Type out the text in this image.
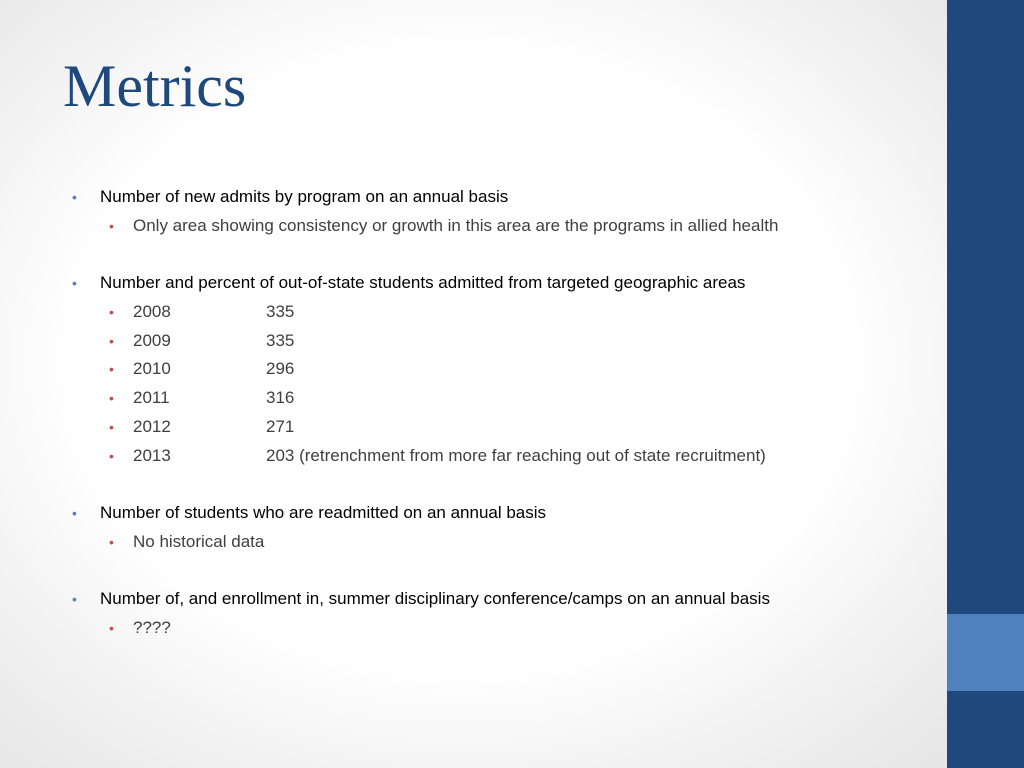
Metrics
• Number of new admits by program on an annual basis
• Only area showing consistency or growth in this area are the programs in allied health
• Number and percent of out-of-state students admitted from targeted geographic areas
• 2008	335
• 2009	335
• 2010	296
• 2011	316
• 2012	271
• 2013	203 (retrenchment from more far reaching out of state recruitment)
• Number of students who are readmitted on an annual basis
• No historical data
• Number of, and enrollment in, summer disciplinary conference/camps on an annual basis
• ????
